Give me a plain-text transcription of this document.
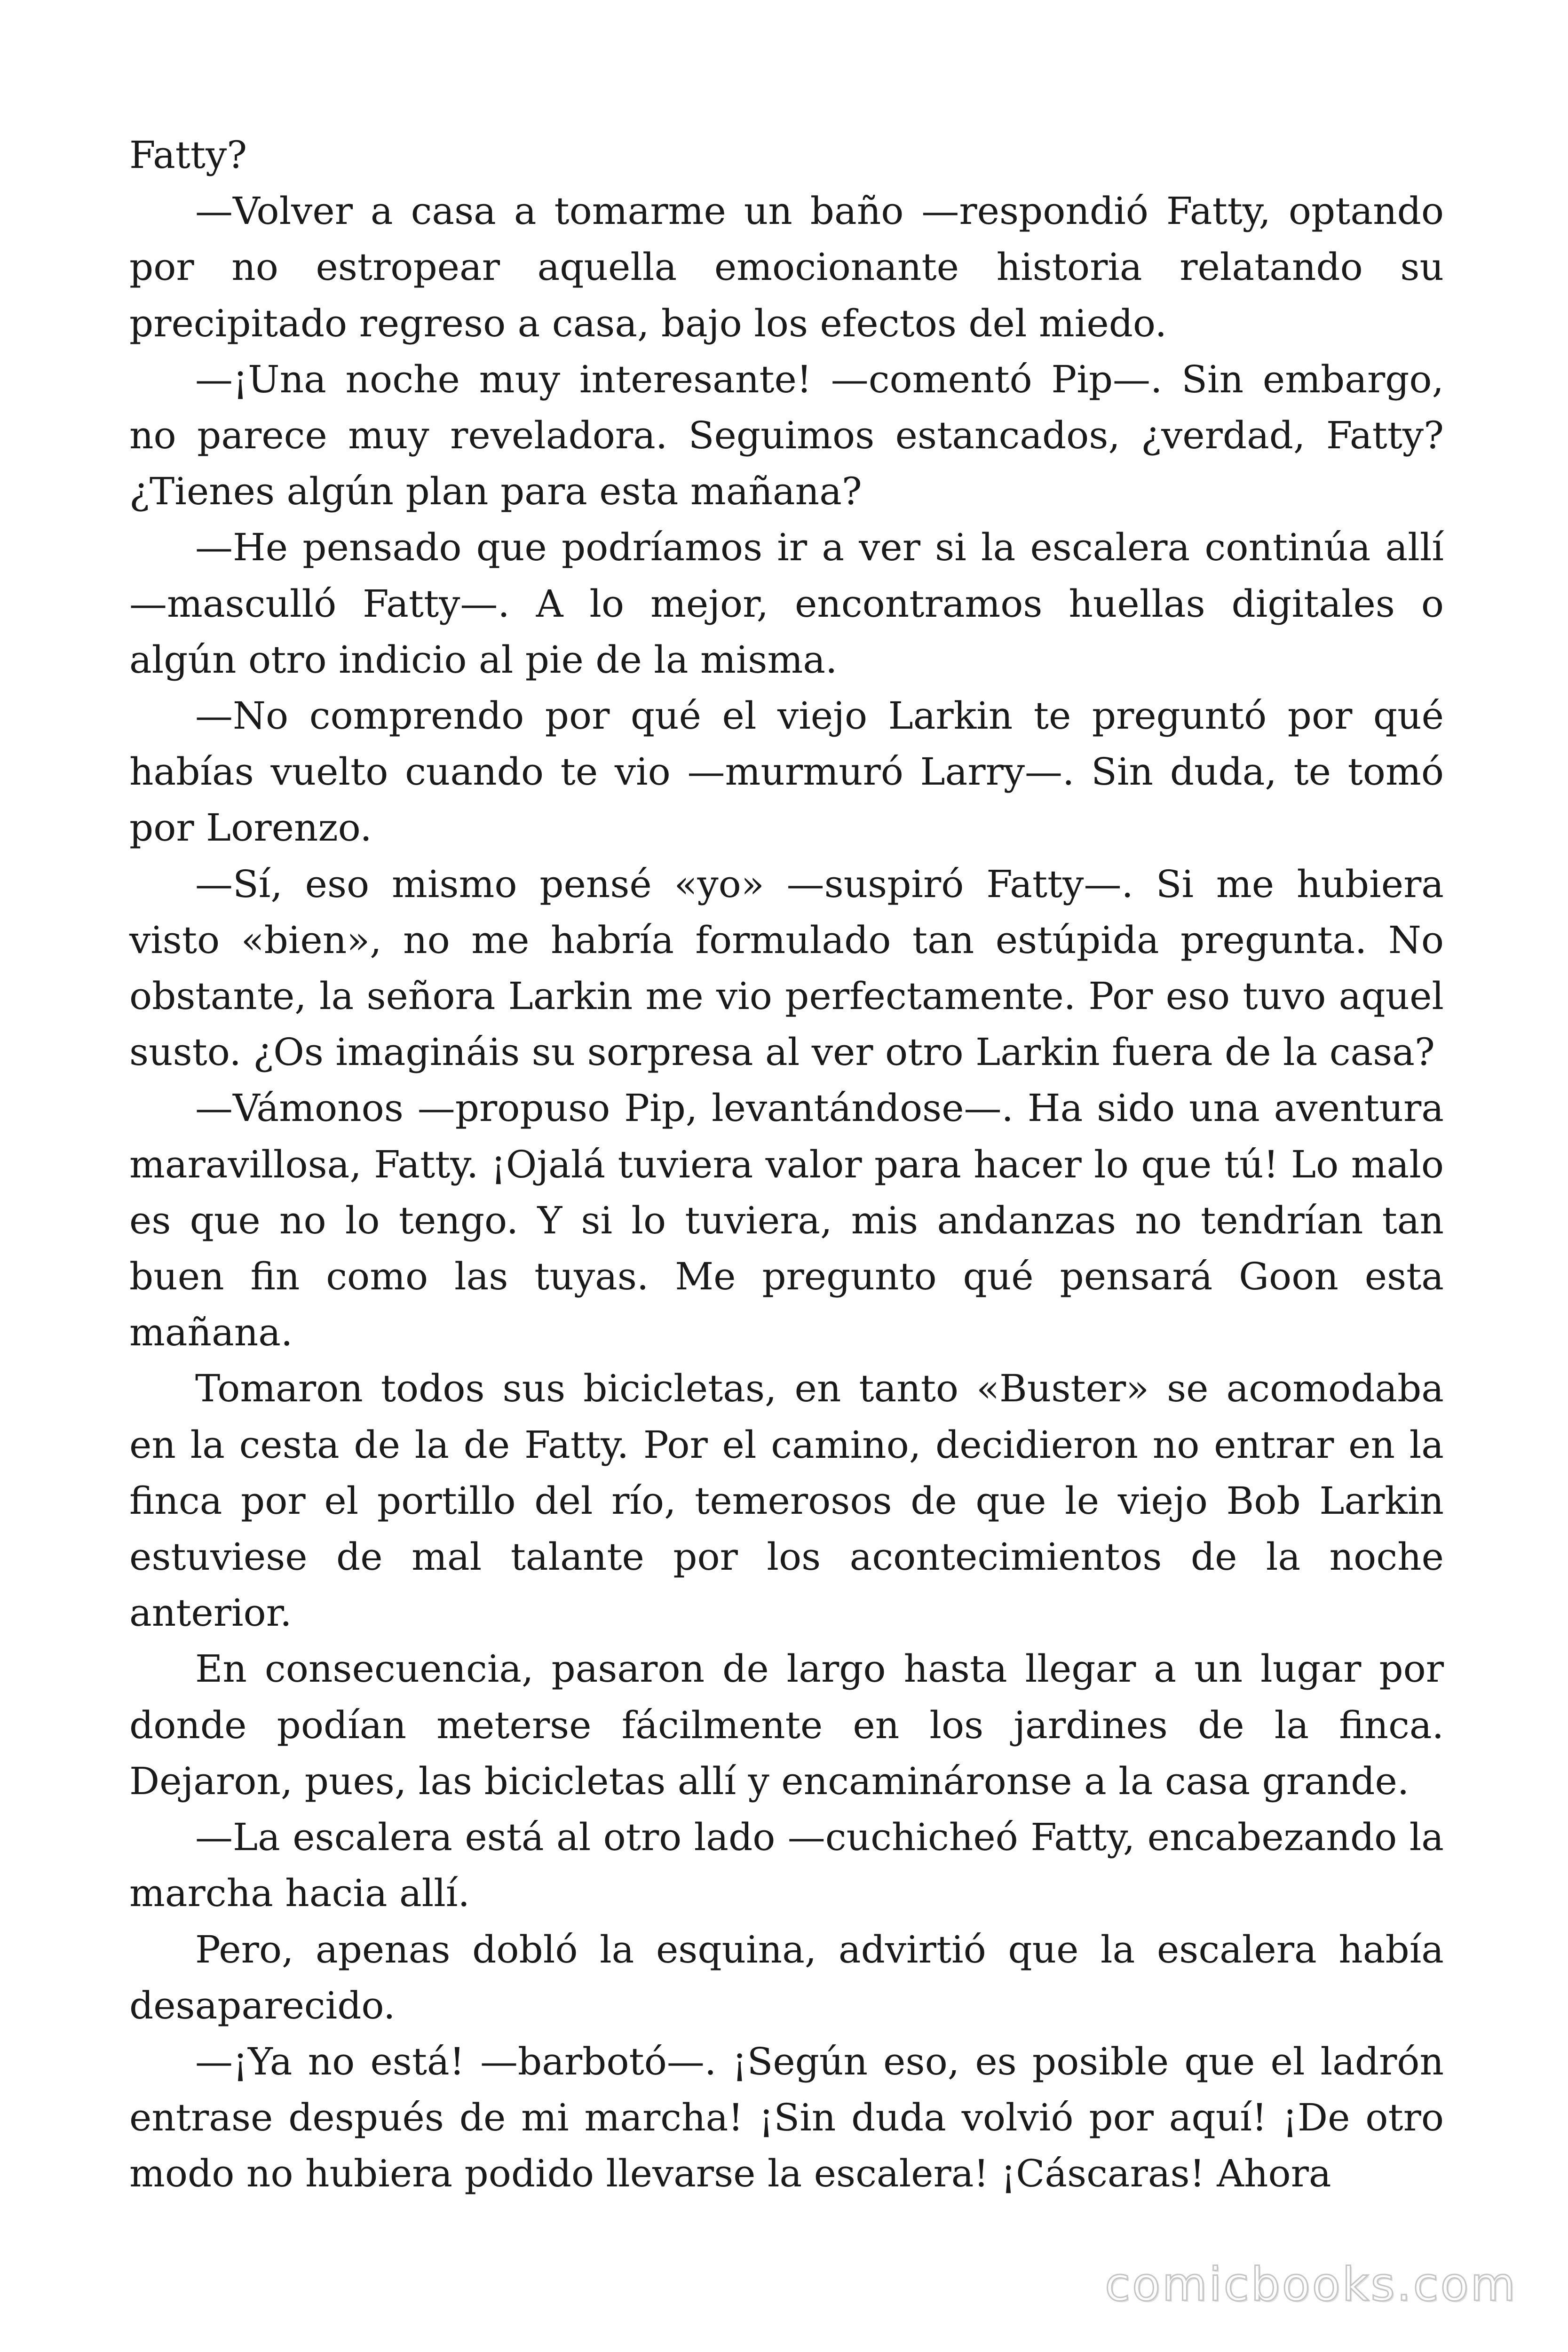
Fatty?

—Volver a casa a tomarme un baño —respondió Fatty, optando por no estropear aquella emocionante historia relatando su precipitado regreso a casa, bajo los efectos del miedo.

—¡Una noche muy interesante! —comentó Pip—. Sin embargo, no parece muy reveladora. Seguimos estancados, ¿verdad, Fatty? ¿Tienes algún plan para esta mañana?

—He pensado que podríamos ir a ver si la escalera continúa allí —masculló Fatty—. A lo mejor, encontramos huellas digitales o algún otro indicio al pie de la misma.

—No comprendo por qué el viejo Larkin te preguntó por qué habías vuelto cuando te vio —murmuró Larry—. Sin duda, te tomó por Lorenzo.

—Sí, eso mismo pensé «yo» —suspiró Fatty—. Si me hubiera visto «bien», no me habría formulado tan estúpida pregunta. No obstante, la señora Larkin me vio perfectamente. Por eso tuvo aquel susto. ¿Os imagináis su sorpresa al ver otro Larkin fuera de la casa?

—Vámonos —propuso Pip, levantándose—. Ha sido una aventura maravillosa, Fatty. ¡Ojalá tuviera valor para hacer lo que tú! Lo malo es que no lo tengo. Y si lo tuviera, mis andanzas no tendrían tan buen fin como las tuyas. Me pregunto qué pensará Goon esta mañana.

Tomaron todos sus bicicletas, en tanto «Buster» se acomodaba en la cesta de la de Fatty. Por el camino, decidieron no entrar en la finca por el portillo del río, temerosos de que le viejo Bob Larkin estuviese de mal talante por los acontecimientos de la noche anterior.

En consecuencia, pasaron de largo hasta llegar a un lugar por donde podían meterse fácilmente en los jardines de la finca. Dejaron, pues, las bicicletas allí y encamináronse a la casa grande.

—La escalera está al otro lado —cuchicheó Fatty, encabezando la marcha hacia allí.

Pero, apenas dobló la esquina, advirtió que la escalera había desaparecido.

—¡Ya no está! —barbotó—. ¡Según eso, es posible que el ladrón entrase después de mi marcha! ¡Sin duda volvió por aquí! ¡De otro modo no hubiera podido llevarse la escalera! ¡Cáscaras! Ahora

comicbooks.com
